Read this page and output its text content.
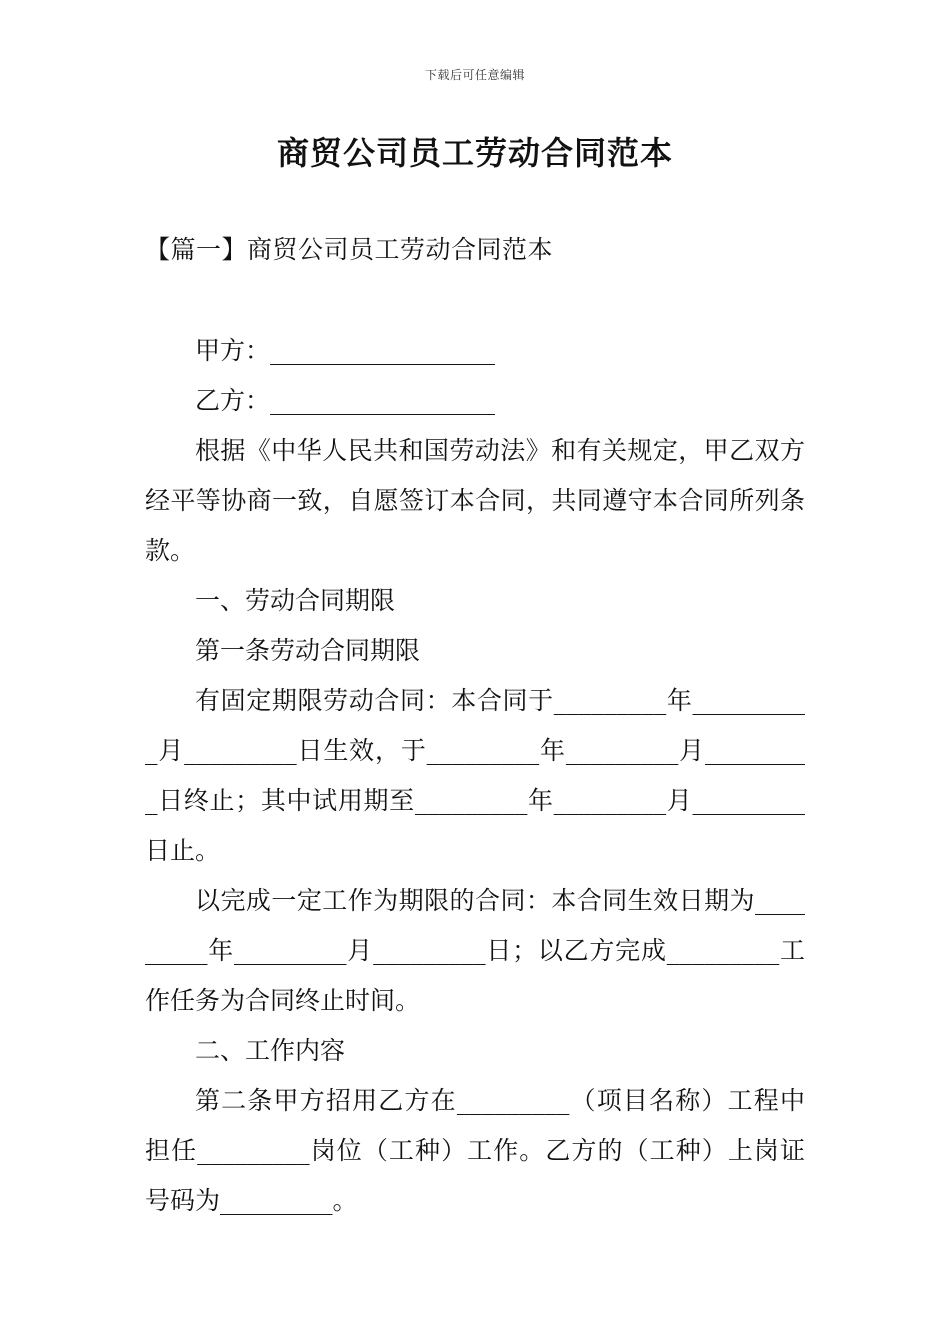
下载后可任意编辑
商贸公司员工劳动合同范本
【篇一】商贸公司员工劳动合同范本

甲方：__________________

乙方：__________________

根据《中华人民共和国劳动法》和有关规定，甲乙双方经平等协商一致，自愿签订本合同，共同遵守本合同所列条款。

一、劳动合同期限

第一条劳动合同期限

有固定期限劳动合同：本合同于_________年__________月_________日生效，于_________年_________月_________日终止；其中试用期至_________年_________月_________日止。

以完成一定工作为期限的合同：本合同生效日期为_________年_________月_________日；以乙方完成_________工作任务为合同终止时间。

二、工作内容

第二条甲方招用乙方在_________（项目名称）工程中担任_________岗位（工种）工作。乙方的（工种）上岗证号码为_________。
